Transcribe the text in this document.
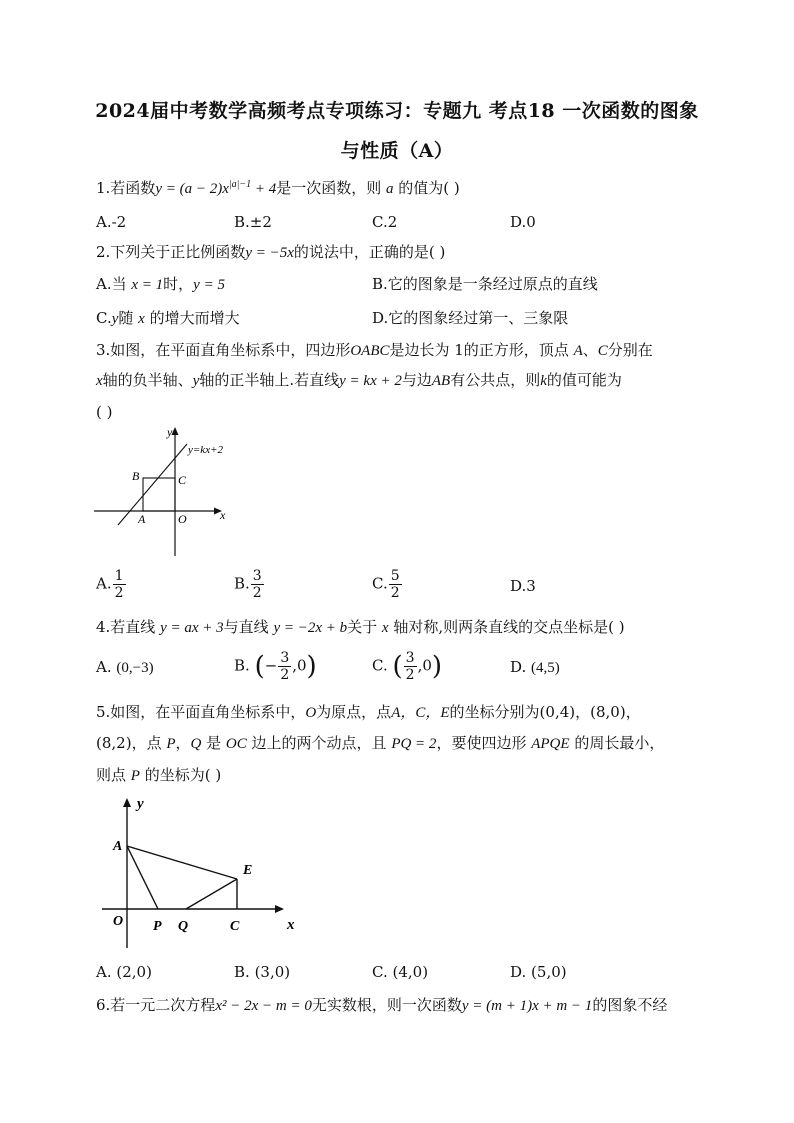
2024届中考数学高频考点专项练习：专题九 考点18 一次函数的图象
与性质（A）
1.若函数$y = (a - 2)x^{|a|-1} + 4$是一次函数，则 a 的值为( )
A.-2	B.±2	C.2	D.0
2.下列关于正比例函数y = −5x的说法中，正确的是( )
A.当 x = 1时，y = 5	B.它的图象是一条经过原点的直线
C.y随 x 的增大而增大	D.它的图象经过第一、三象限
3.如图，在平面直角坐标系中，四边形OABC是边长为 1的正方形，顶点 A、C分别在
x轴的负半轴、y轴的正半轴上.若直线y = kx + 2与边AB有公共点，则k的值可能为
( )
y=kx+2
y
x
B	C
A	O
A. $\frac{1}{2}$	B. $\frac{3}{2}$	C. $\frac{5}{2}$	D.3
4.若直线 y = ax + 3与直线 y = −2x + b关于 x 轴对称,则两条直线的交点坐标是( )
A. (0,−3)	B. (− $\frac{3}{2} ,0$)	C. ( $\frac{3}{2} ,0$)	D. (4,5)
5.如图，在平面直角坐标系中，O为原点，点A，C，E的坐标分别为(0,4)，(8,0)，
(8,2)，点 P，Q 是 OC 边上的两个动点，且 PQ = 2，要使四边形 APQE 的周长最小，
则点 P 的坐标为( )
y
x
A
E
O P Q	C
A. (2,0)	B. (3,0)	C. (4,0)	D. (5,0)
6.若一元二次方程x² − 2x − m = 0无实数根，则一次函数y = (m + 1)x + m − 1的图象不经
